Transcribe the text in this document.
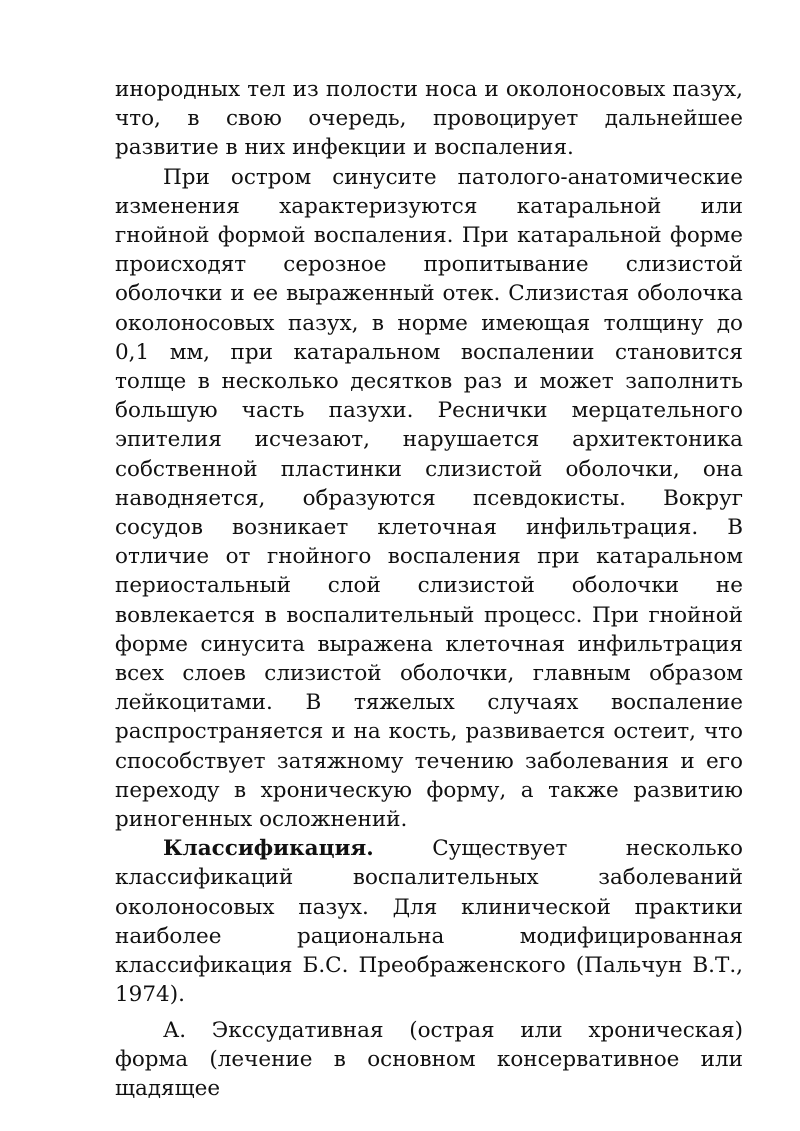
инородных тел из полости носа и околоносовых пазух, что, в свою очередь, провоцирует дальнейшее развитие в них инфекции и воспаления.

При остром синусите патолого-анатомические изменения характеризуются катаральной или гнойной формой воспаления. При катаральной форме происходят серозное пропитывание слизистой оболочки и ее выраженный отек. Слизистая оболочка околоносовых пазух, в норме имеющая толщину до 0,1 мм, при катаральном воспалении становится толще в несколько десятков раз и может заполнить большую часть пазухи. Реснички мерцательного эпителия исчезают, нарушается архитектоника собственной пластинки слизистой оболочки, она наводняется, образуются псевдокисты. Вокруг сосудов возникает клеточная инфильтрация. В отличие от гнойного воспаления при катаральном периостальный слой слизистой оболочки не вовлекается в воспалительный процесс. При гнойной форме синусита выражена клеточная инфильтрация всех слоев слизистой оболочки, главным образом лейкоцитами. В тяжелых случаях воспаление распространяется и на кость, развивается остеит, что способствует затяжному течению заболевания и его переходу в хроническую форму, а также развитию риногенных осложнений.

Классификация. Существует несколько классификаций воспалительных заболеваний околоносовых пазух. Для клинической практики наиболее рациональна модифицированная классификация Б.С. Преображенского (Пальчун В.Т., 1974).

А. Экссудативная (острая или хроническая) форма (лечение в основном консервативное или щадящее
